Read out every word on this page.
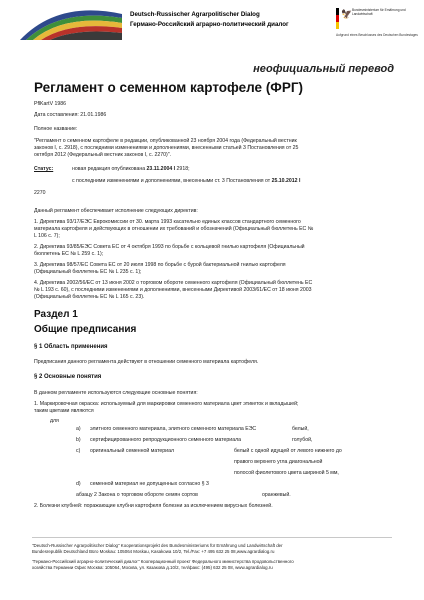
Deutsch-Russischer Agrarpolitischer Dialog
Германо-Российский аграрно-политический диалог
🦅 Bundesministerium für Ernährung und Landwirtschaft
Aufgrund eines Beschlusses des Deutschen Bundestages
неофициальный перевод
Регламент о семенном картофеле (ФРГ)
PflKartV 1986
Дата составления: 21.01.1986
Полное название:
"Регламент о семенном картофеле в редакции, опубликованной 23 ноября 2004 года (Федеральный вестник
законов I, с. 2918), с последними изменениями и дополнениями, внесенными статьей 3 Постановления от 25
октября 2012 (Федеральный вестник законов I, с. 2270)".
Статус:	новая редакция опубликована 23.11.2004 I 2918;
с последними изменениями и дополнениями, внесенными ст. 3 Постановления от 25.10.2012 I
2270
Данный регламент обеспечивает исполнение следующих директив:
1. Директива 93/17/ЕЭС Еврокомиссии от 30. марта 1993 касательно единых классов стандартного семенного
материала картофеля и действующих в отношении их требований и обозначений (Официальный бюллетень ЕС №
L 106 с. 7);
2. Директива 93/85/ЕЭС Совета ЕС от 4 октября 1993 по борьбе с кольцевой гнилью картофеля (Официальный
бюллетень ЕС № L 259 с. 1);
3. Директива 98/57/ЕС Совета ЕС от 20 июля 1998 по борьбе с бурой бактериальной гнилью картофеля
(Официальный бюллетень ЕС № L 235 с. 1);
4. Директива 2002/56/ЕС от 13 июня 2002 о торговом обороте семенного картофеля (Официальный бюллетень ЕС
№ L 193 с. 60), с последними изменениями и дополнениями, внесенными Директивой 2003/61/ЕС от 18 июня 2003
(Официальный бюллетень ЕС № L 165 с. 23).
Раздел 1
Общие предписания
§ 1 Область применения
Предписания данного регламента действуют в отношении семенного материала картофеля.
§ 2 Основные понятия
В данном регламенте используются следующие основные понятия:
1. Маркировочная окраска: используемый для маркировки семенного материала цвет этикеток и вкладышей;
таким цветами являются
для
a) элитного семенного материала, элитного семенного материала ЕЭС	белый,
b) сертифицированного репродукционного семенного материала	голубой,
c) оригинальный семенной материал	белый с одной идущей от левого нижнего до
правого верхнего угла диагональной
полосой фиолетового цвета шириной 5 мм,
d) семенной материал не допущенных согласно § 3
абзацу 2 Закона о торговом обороте семян сортов	оранжевый.
2. Болезни клубней: поражающие клубни картофеля болезни за исключением вирусных болезней.
"Deutsch-Russischer Agrarpolitischer Dialog" Kooperationsprojekt des Bundesministeriums für Ernährung und Landwirtschaft der
Bundesrepublik Deutschland Büro Moskau: 105064 Moskau, Kasakowa 10/2, Tel./Fax: +7 495 632 25 08,www.agrardialog.ru
"Германо-Российский аграрно-политический диалог" Кооперационный проект Федерального министерства продовольственного
хозяйства Германии Офис Москва: 105064, Москва, ул. Казакова д.10/2, тел/факс: (495) 632 25 08, www.agrardialog.ru
